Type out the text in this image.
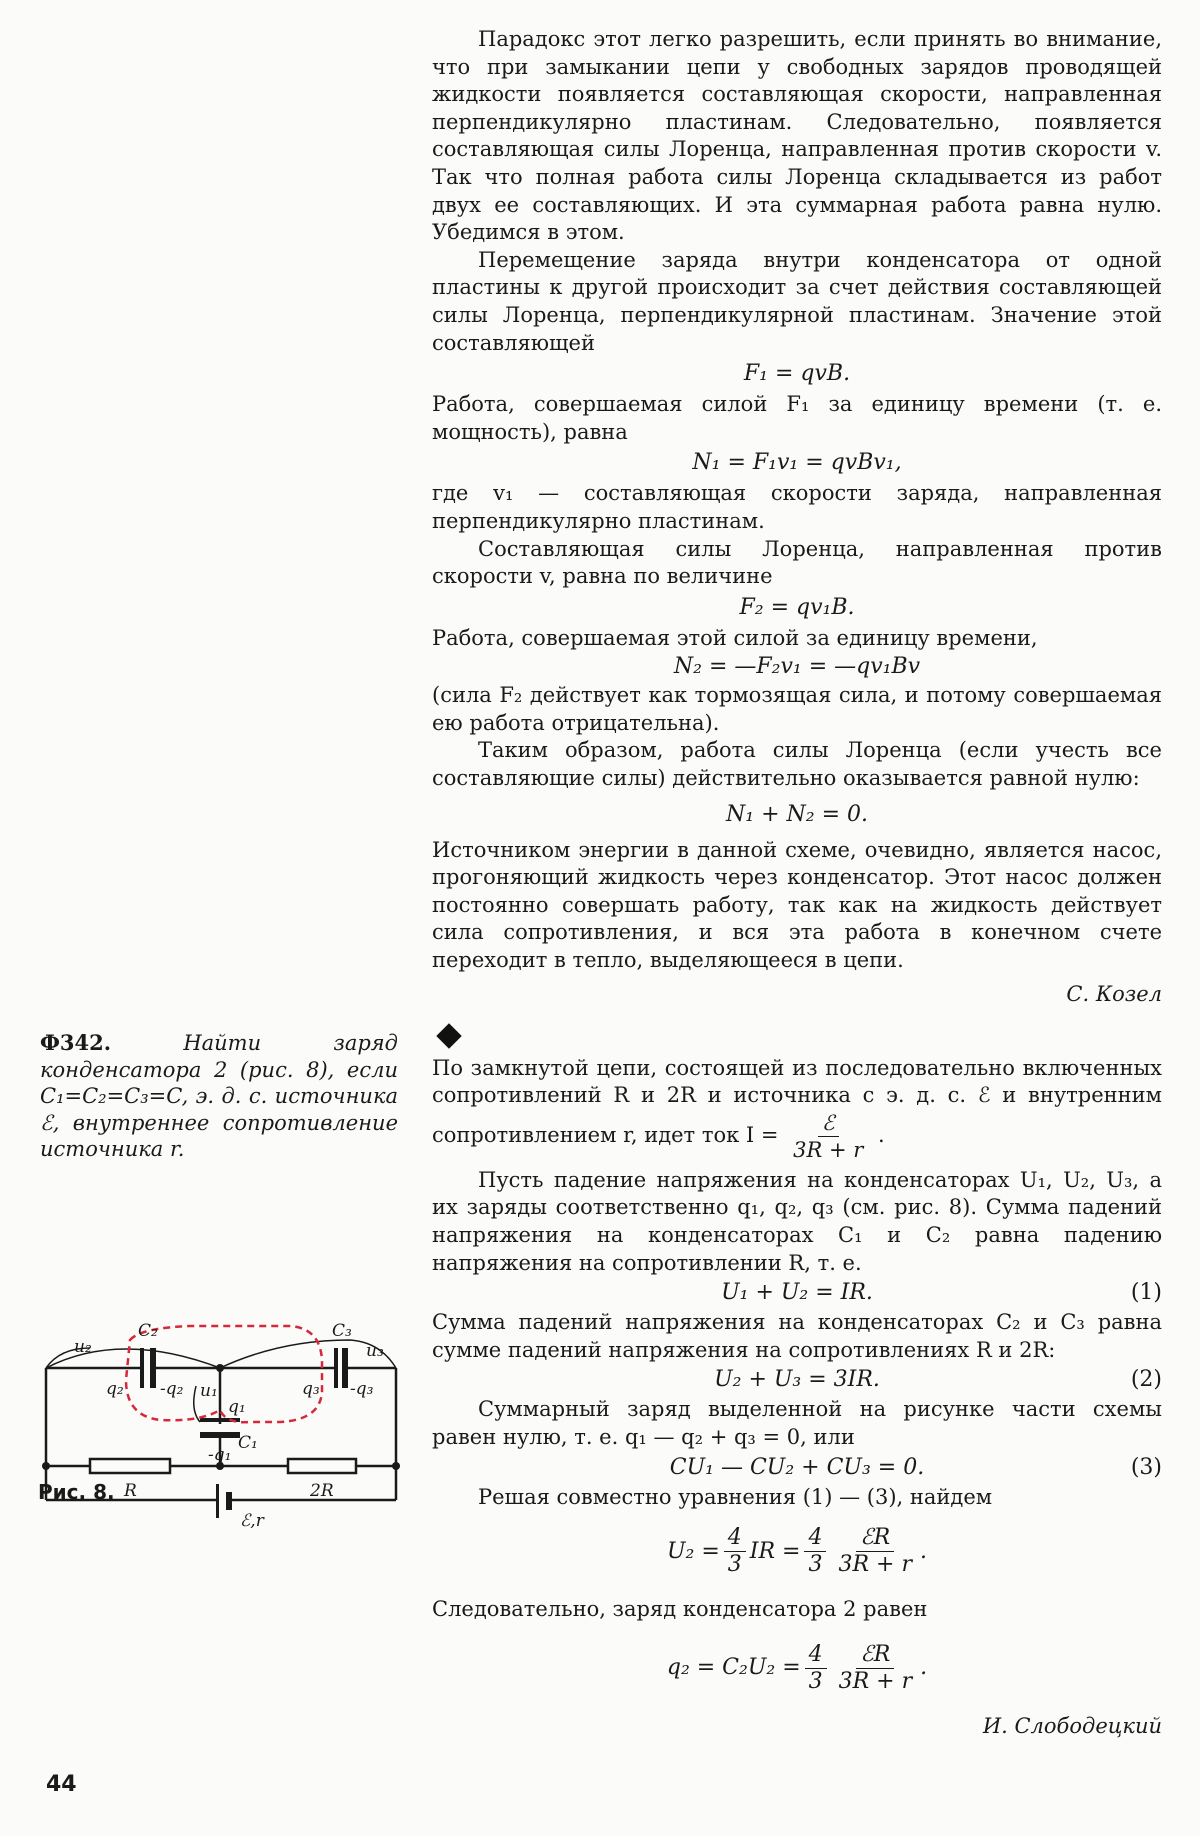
Парадокс этот легко разрешить, если принять во внимание, что при замыкании цепи у свободных зарядов проводящей жидкости появляется составляющая скорости, направленная перпендикулярно пластинам. Следовательно, появляется составляющая силы Лоренца, направленная против скорости v. Так что полная работа силы Лоренца складывается из работ двух ее составляющих. И эта суммарная работа равна нулю. Убедимся в этом.

Перемещение заряда внутри конденсатора от одной пластины к другой происходит за счет действия составляющей силы Лоренца, перпендикулярной пластинам. Значение этой составляющей

F₁ = qvB.

Работа, совершаемая силой F₁ за единицу времени (т. е. мощность), равна

N₁ = F₁v₁ = qvBv₁,

где v₁ — составляющая скорости заряда, направленная перпендикулярно пластинам.

Составляющая силы Лоренца, направленная против скорости v, равна по величине

F₂ = qv₁B.

Работа, совершаемая этой силой за единицу времени,

N₂ = —F₂v₁ = —qv₁Bv

(сила F₂ действует как тормозящая сила, и потому совершаемая ею работа отрицательна).

Таким образом, работа силы Лоренца (если учесть все составляющие силы) действительно оказывается равной нулю:

N₁ + N₂ = 0.

Источником энергии в данной схеме, очевидно, является насос, прогоняющий жидкость через конденсатор. Этот насос должен постоянно совершать работу, так как на жидкость действует сила сопротивления, и вся эта работа в конечном счете переходит в тепло, выделяющееся в цепи.

С. Козел

По замкнутой цепи, состоящей из последовательно включенных сопротивлений R и 2R и источника с э. д. с. ℰ и внутренним сопротивлением r, идет ток $I = \frac{\text{ℰ}}{3R + r}$ .

Пусть падение напряжения на конденсаторах U₁, U₂, U₃, а их заряды соответственно q₁, q₂, q₃ (см. рис. 8). Сумма падений напряжения на конденсаторах C₁ и C₂ равна падению напряжения на сопротивлении R, т. е.

U₁ + U₂ = IR.	(1)

Сумма падений напряжения на конденсаторах C₂ и C₃ равна сумме падений напряжения на сопротивлениях R и 2R:

U₂ + U₃ = 3IR.	(2)

Суммарный заряд выделенной на рисунке части схемы равен нулю, т. е. q₁ — q₂ + q₃ = 0, или

CU₁ — CU₂ + CU₃ = 0.	(3)

Решая совместно уравнения (1) — (3), найдем

$U_2 = \frac{4}{3}$ IR = $\frac{4}{3} \frac{\text{ℰR}}{3R + r}$ .

Следовательно, заряд конденсатора 2 равен

$q_2 = C_2U_2 = \frac{4}{3} \frac{\text{ℰR}}{3R + r}$ .
И. Слободецкий
Ф342.	Найти заряд конденсатора 2 (рис. 8), если C₁=C₂=C₃=C, э. д. с. источника ℰ, внутреннее сопротивление источника r.
C₂	C₃
C₁
u₂	u₃
u₁
q₂ -q₂	q₃ -q₃
q₁
-q₁
R	2R
ℰ,r
Рис. 8.
44
